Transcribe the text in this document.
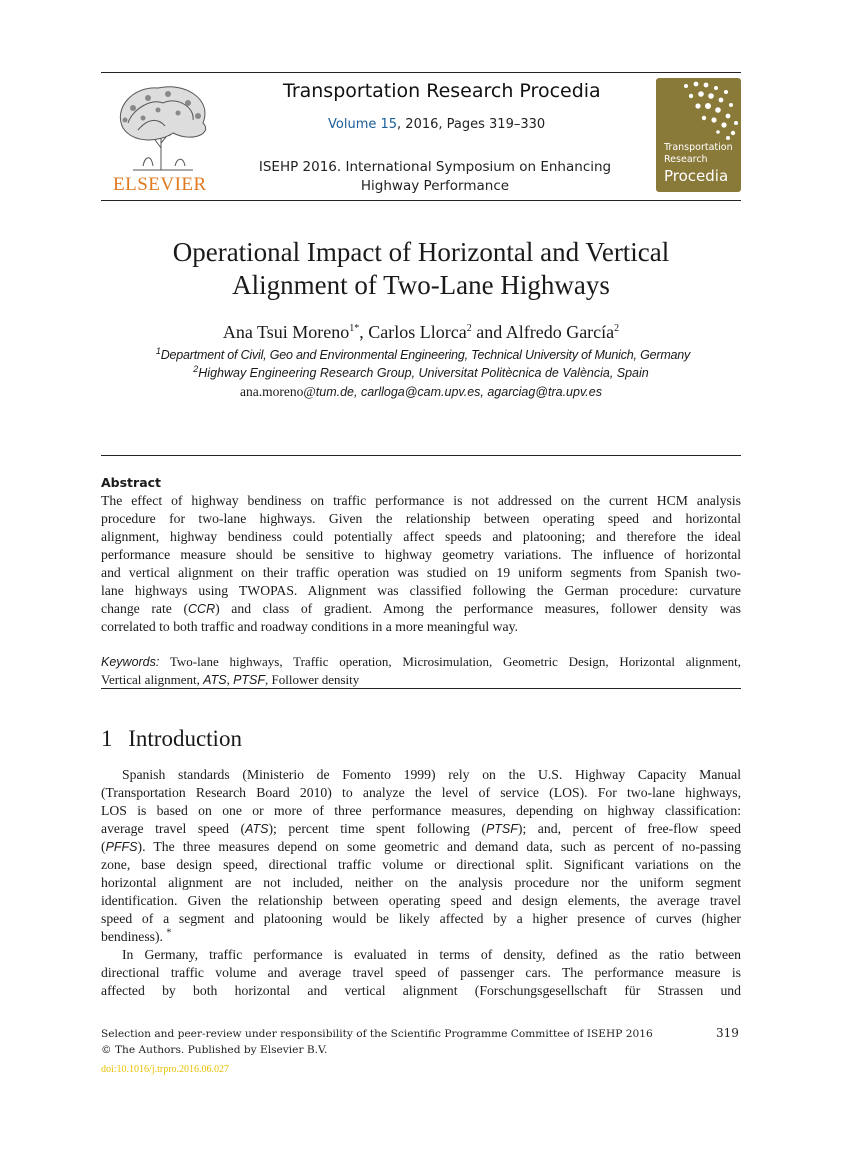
ELSEVIER
Transportation Research Procedia
Volume 15, 2016, Pages 319–330
ISEHP 2016. International Symposium on Enhancing Highway Performance
Transportation
Research
Procedia
Operational Impact of Horizontal and Vertical
Alignment of Two-Lane Highways
Ana Tsui Moreno$^{1*}$, Carlos Llorca$^2$ and Alfredo García$^2$
$^1$Department of Civil, Geo and Environmental Engineering, Technical University of Munich, Germany
$^2$Highway Engineering Research Group, Universitat Politècnica de València, Spain
ana.moreno@tum.de, carlloga@cam.upv.es, agarciag@tra.upv.es
Abstract
The effect of highway bendiness on traffic performance is not addressed on the current HCM analysis
procedure for two-lane highways. Given the relationship between operating speed and horizontal
alignment, highway bendiness could potentially affect speeds and platooning; and therefore the ideal
performance measure should be sensitive to highway geometry variations. The influence of horizontal
and vertical alignment on their traffic operation was studied on 19 uniform segments from Spanish two-
lane highways using TWOPAS. Alignment was classified following the German procedure: curvature
change rate (CCR) and class of gradient. Among the performance measures, follower density was
correlated to both traffic and roadway conditions in a more meaningful way.
Keywords: Two-lane highways, Traffic operation, Microsimulation, Geometric Design, Horizontal alignment,
Vertical alignment, ATS, PTSF, Follower density
1 Introduction
Spanish standards (Ministerio de Fomento 1999) rely on the U.S. Highway Capacity Manual
(Transportation Research Board 2010) to analyze the level of service (LOS). For two-lane highways,
LOS is based on one or more of three performance measures, depending on highway classification:
average travel speed (ATS); percent time spent following (PTSF); and, percent of free-flow speed
(PFFS). The three measures depend on some geometric and demand data, such as percent of no-passing
zone, base design speed, directional traffic volume or directional split. Significant variations on the
horizontal alignment are not included, neither on the analysis procedure nor the uniform segment
identification. Given the relationship between operating speed and design elements, the average travel
speed of a segment and platooning would be likely affected by a higher presence of curves (higher
bendiness). *
In Germany, traffic performance is evaluated in terms of density, defined as the ratio between
directional traffic volume and average travel speed of passenger cars. The performance measure is
affected by both horizontal and vertical alignment (Forschungsgesellschaft für Strassen und
Selection and peer-review under responsibility of the Scientific Programme Committee of ISEHP 2016	319
© The Authors. Published by Elsevier B.V.
doi:10.1016/j.trpro.2016.06.027
